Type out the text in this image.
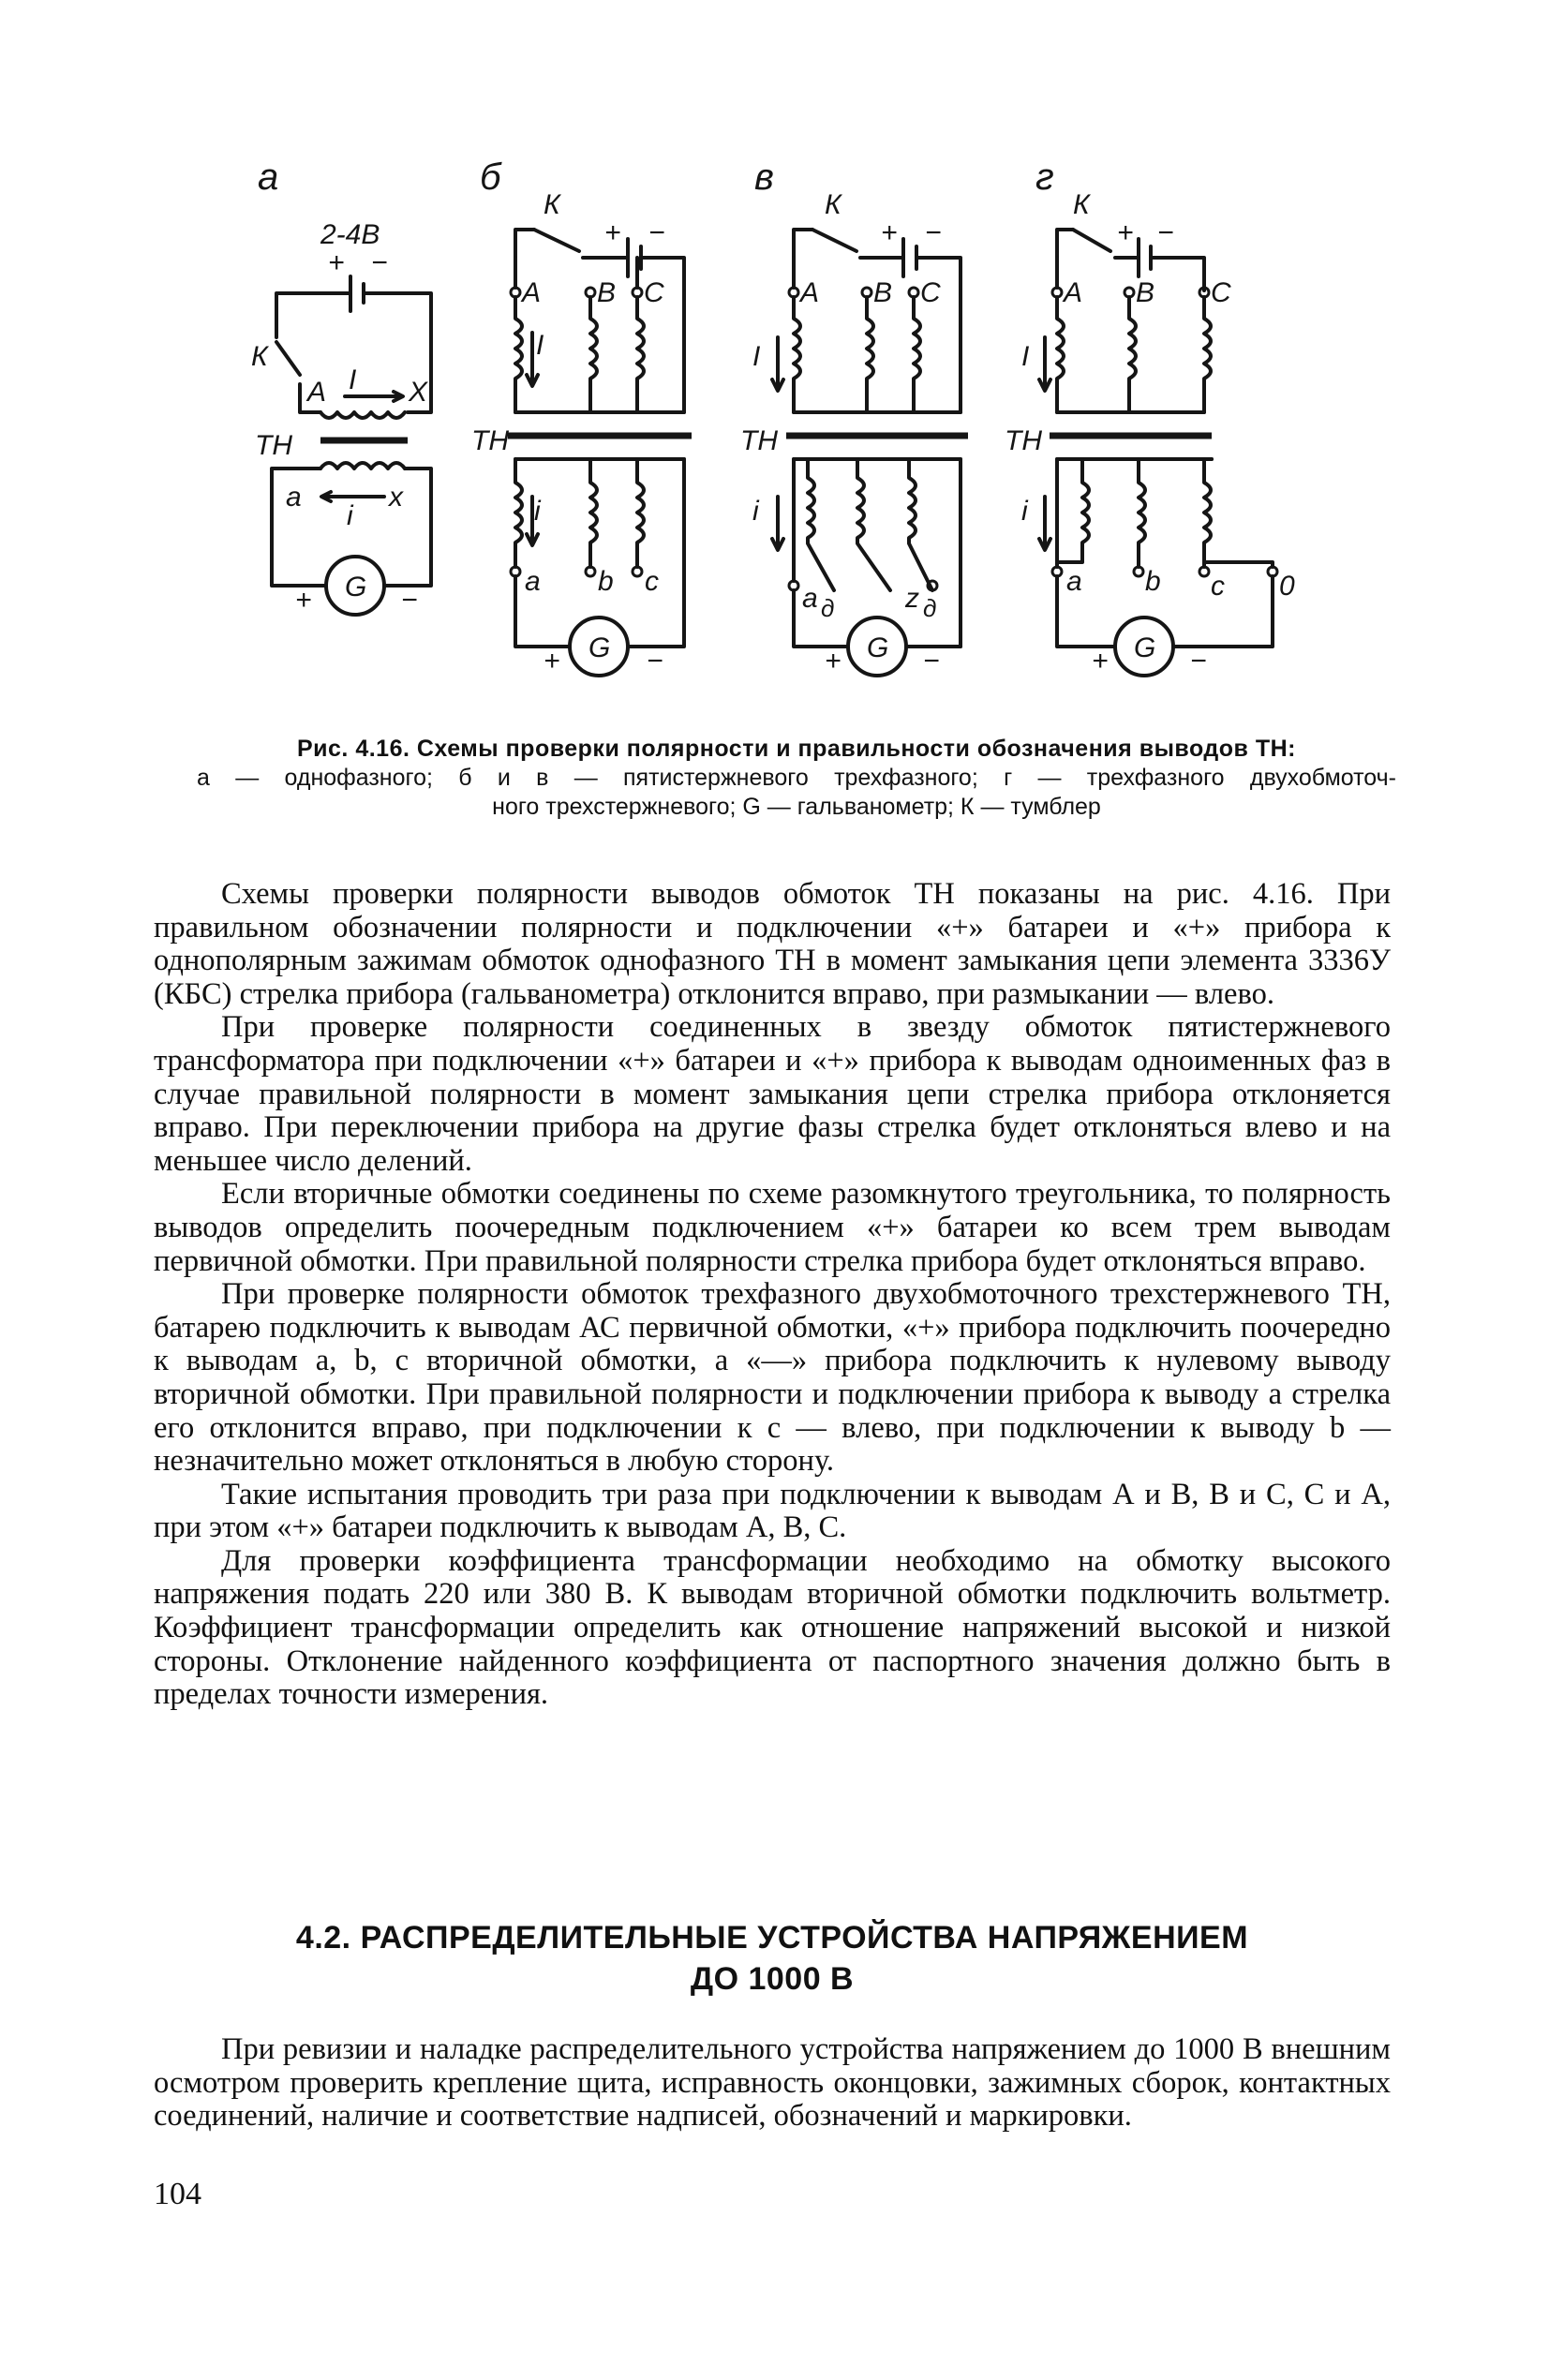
а
2-4В
+ −
К
А	Х
I
ТН
а	х
i
G
+	−
б
К
+ −
А В С
I
ТН
i
а b с
G
+	−
в
К
+ −
А В С
I
ТН
i
а д	z д
G
+	−
г
К
+ −
А В С
I
ТН
i
а b с 0
G
+	−
Рис. 4.16. Схемы проверки полярности и правильности обозначения выводов ТН:
а — однофазного; б и в — пятистержневого трехфазного; г — трехфазного двухобмоточ-
ного трехстержневого; G — гальванометр; К — тумблер

Схемы проверки полярности выводов обмоток ТН показаны на рис. 4.16. При правильном обозначении полярности и подключении «+» батареи и «+» прибора к однополярным зажимам обмоток однофазного ТН в момент замыкания цепи элемента 3336У (КБС) стрелка прибора (гальванометра) отклонится вправо, при размыкании — влево.

При проверке полярности соединенных в звезду обмоток пятистержневого трансформатора при подключении «+» батареи и «+» прибора к выводам одноименных фаз в случае правильной полярности в момент замыкания цепи стрелка прибора отклоняется вправо. При переключении прибора на другие фазы стрелка будет отклоняться влево и на меньшее число делений.

Если вторичные обмотки соединены по схеме разомкнутого треугольника, то полярность выводов определить поочередным подключением «+» батареи ко всем трем выводам первичной обмотки. При правильной полярности стрелка прибора будет отклоняться вправо.

При проверке полярности обмоток трехфазного двухобмоточного трехстержневого ТН, батарею подключить к выводам АС первичной обмотки, «+» прибора подключить поочередно к выводам а, b, с вторичной обмотки, а «—» прибора подключить к нулевому выводу вторичной обмотки. При правильной полярности и подключении прибора к выводу а стрелка его отклонится вправо, при подключении к с — влево, при подключении к выводу b — незначительно может отклоняться в любую сторону.

Такие испытания проводить три раза при подключении к выводам А и В, В и С, С и А, при этом «+» батареи подключить к выводам А, В, С.

Для проверки коэффициента трансформации необходимо на обмотку высокого напряжения подать 220 или 380 В. К выводам вторичной обмотки подключить вольтметр. Коэффициент трансформации определить как отношение напряжений высокой и низкой стороны. Отклонение найденного коэффициента от паспортного значения должно быть в пределах точности измерения.

4.2. РАСПРЕДЕЛИТЕЛЬНЫЕ УСТРОЙСТВА НАПРЯЖЕНИЕМ
ДО 1000 В

При ревизии и наладке распределительного устройства напряжением до 1000 В внешним осмотром проверить крепление щита, исправность оконцовки, зажимных сборок, контактных соединений, наличие и соответствие надписей, обозначений и маркировки.

104
